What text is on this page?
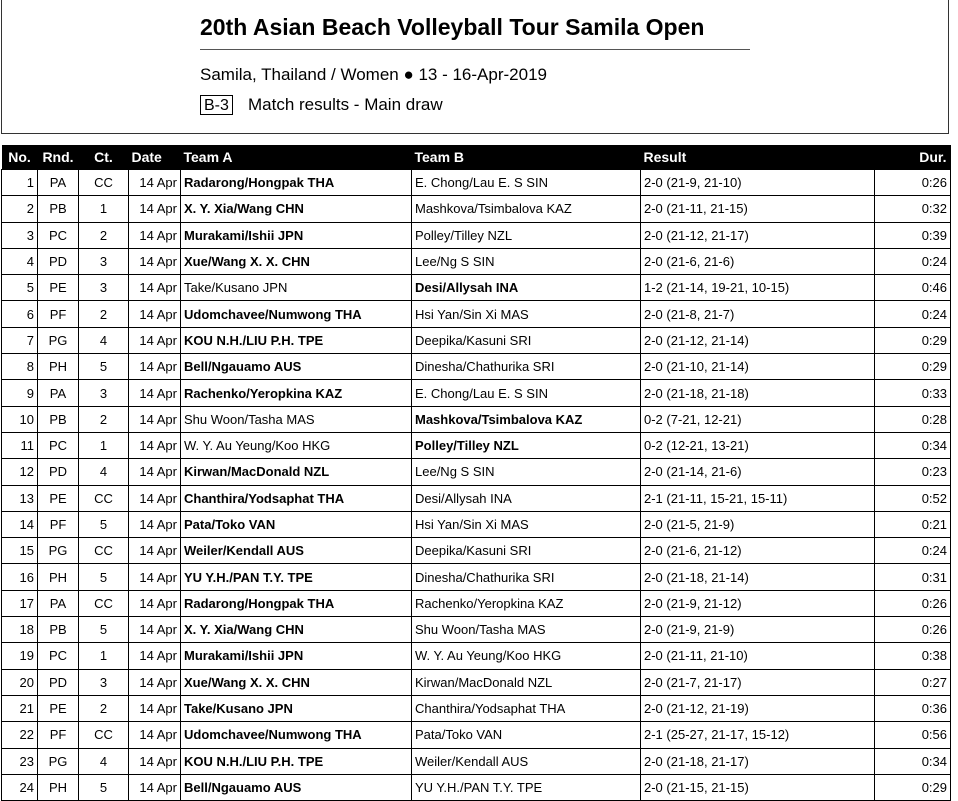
20th Asian Beach Volleyball Tour Samila Open
Samila, Thailand / Women ● 13 - 16-Apr-2019
B-3 Match results - Main draw
No.	Rnd.	Ct.	Date	Team A	Team B	Result	Dur.
1	PA	CC	14 Apr	Radarong/Hongpak THA	E. Chong/Lau E. S SIN	2-0 (21-9, 21-10)	0:26
2	PB	1	14 Apr	X. Y. Xia/Wang CHN	Mashkova/Tsimbalova KAZ	2-0 (21-11, 21-15)	0:32
3	PC	2	14 Apr	Murakami/Ishii JPN	Polley/Tilley NZL	2-0 (21-12, 21-17)	0:39
4	PD	3	14 Apr	Xue/Wang X. X. CHN	Lee/Ng S SIN	2-0 (21-6, 21-6)	0:24
5	PE	3	14 Apr	Take/Kusano JPN	Desi/Allysah INA	1-2 (21-14, 19-21, 10-15)	0:46
6	PF	2	14 Apr	Udomchavee/Numwong THA	Hsi Yan/Sin Xi MAS	2-0 (21-8, 21-7)	0:24
7	PG	4	14 Apr	KOU N.H./LIU P.H. TPE	Deepika/Kasuni SRI	2-0 (21-12, 21-14)	0:29
8	PH	5	14 Apr	Bell/Ngauamo AUS	Dinesha/Chathurika SRI	2-0 (21-10, 21-14)	0:29
9	PA	3	14 Apr	Rachenko/Yeropkina KAZ	E. Chong/Lau E. S SIN	2-0 (21-18, 21-18)	0:33
10	PB	2	14 Apr	Shu Woon/Tasha MAS	Mashkova/Tsimbalova KAZ	0-2 (7-21, 12-21)	0:28
11	PC	1	14 Apr	W. Y. Au Yeung/Koo HKG	Polley/Tilley NZL	0-2 (12-21, 13-21)	0:34
12	PD	4	14 Apr	Kirwan/MacDonald NZL	Lee/Ng S SIN	2-0 (21-14, 21-6)	0:23
13	PE	CC	14 Apr	Chanthira/Yodsaphat THA	Desi/Allysah INA	2-1 (21-11, 15-21, 15-11)	0:52
14	PF	5	14 Apr	Pata/Toko VAN	Hsi Yan/Sin Xi MAS	2-0 (21-5, 21-9)	0:21
15	PG	CC	14 Apr	Weiler/Kendall AUS	Deepika/Kasuni SRI	2-0 (21-6, 21-12)	0:24
16	PH	5	14 Apr	YU Y.H./PAN T.Y. TPE	Dinesha/Chathurika SRI	2-0 (21-18, 21-14)	0:31
17	PA	CC	14 Apr	Radarong/Hongpak THA	Rachenko/Yeropkina KAZ	2-0 (21-9, 21-12)	0:26
18	PB	5	14 Apr	X. Y. Xia/Wang CHN	Shu Woon/Tasha MAS	2-0 (21-9, 21-9)	0:26
19	PC	1	14 Apr	Murakami/Ishii JPN	W. Y. Au Yeung/Koo HKG	2-0 (21-11, 21-10)	0:38
20	PD	3	14 Apr	Xue/Wang X. X. CHN	Kirwan/MacDonald NZL	2-0 (21-7, 21-17)	0:27
21	PE	2	14 Apr	Take/Kusano JPN	Chanthira/Yodsaphat THA	2-0 (21-12, 21-19)	0:36
22	PF	CC	14 Apr	Udomchavee/Numwong THA	Pata/Toko VAN	2-1 (25-27, 21-17, 15-12)	0:56
23	PG	4	14 Apr	KOU N.H./LIU P.H. TPE	Weiler/Kendall AUS	2-0 (21-18, 21-17)	0:34
24	PH	5	14 Apr	Bell/Ngauamo AUS	YU Y.H./PAN T.Y. TPE	2-0 (21-15, 21-15)	0:29
